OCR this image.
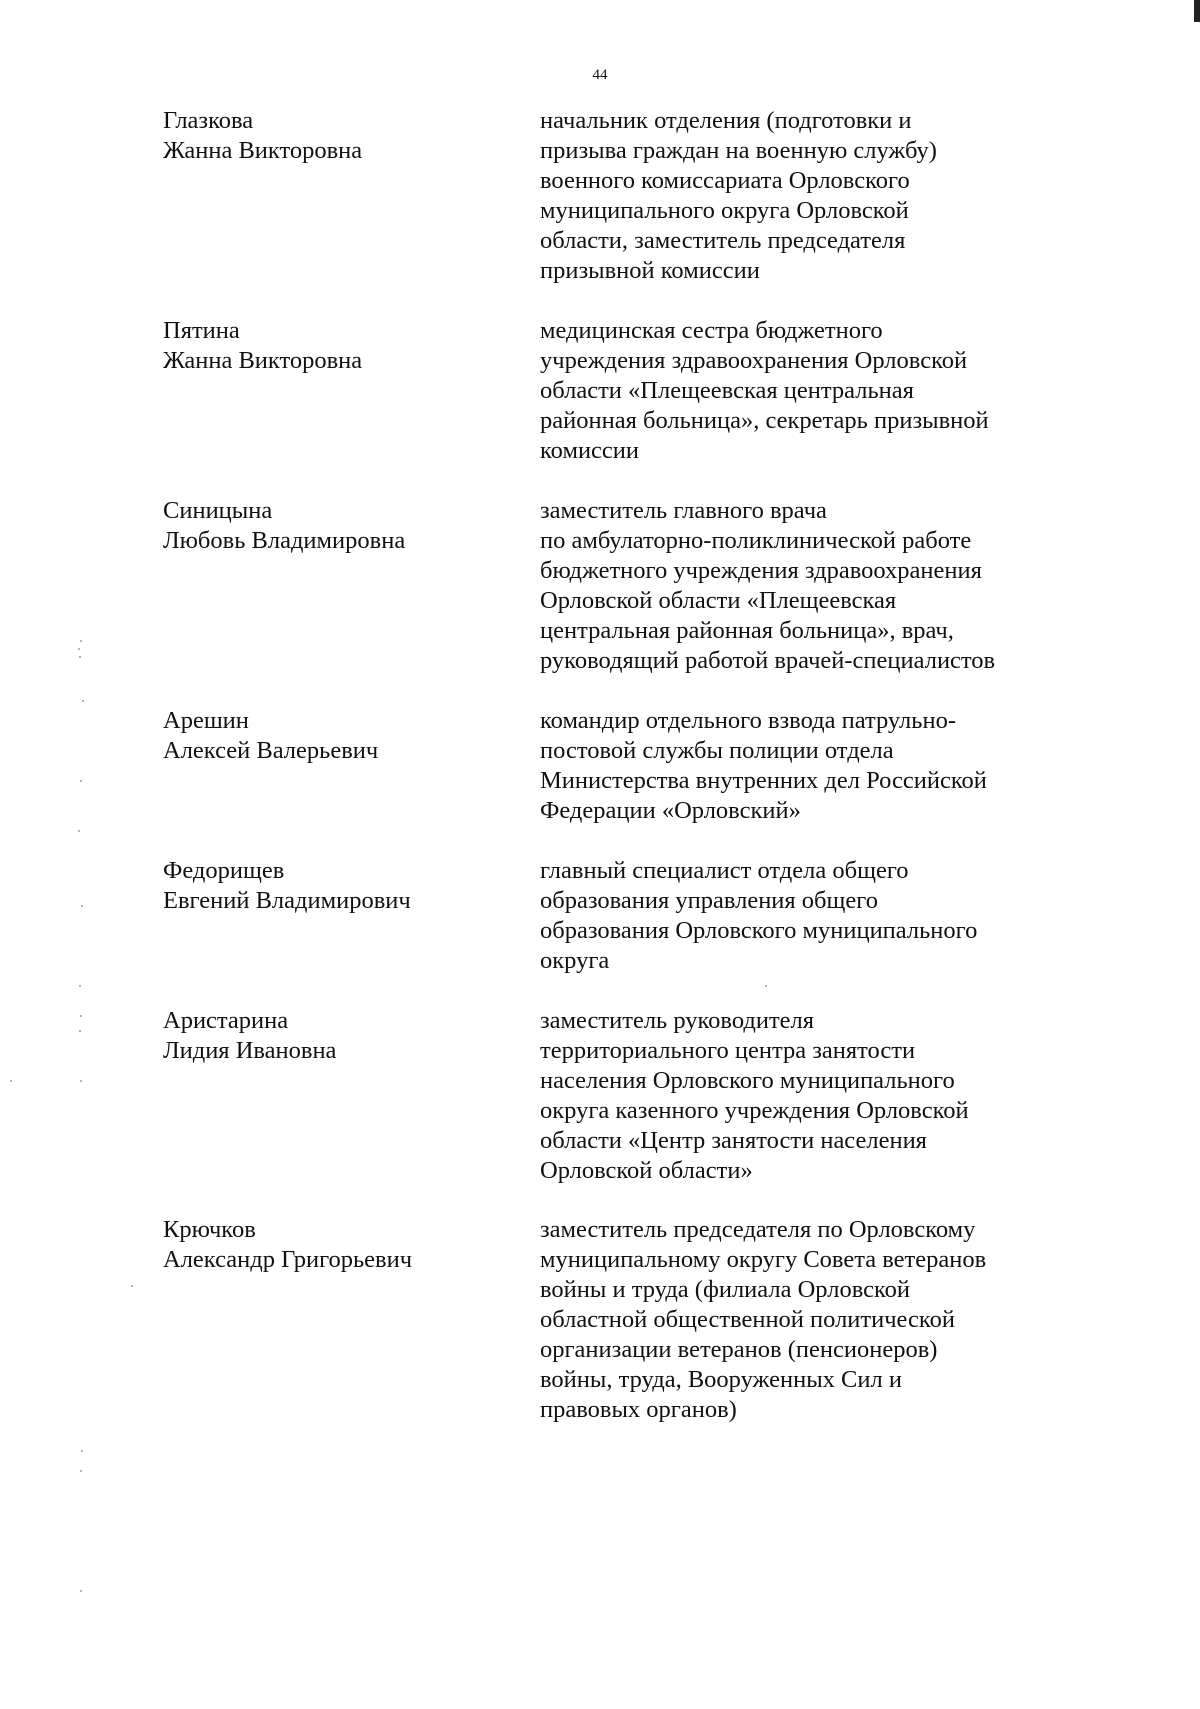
44
Глазкова
Жанна Викторовна
начальник отделения (подготовки и
призыва граждан на военную службу)
военного комиссариата Орловского
муниципального округа Орловской
области, заместитель председателя
призывной комиссии
Пятина
Жанна Викторовна
медицинская сестра бюджетного
учреждения здравоохранения Орловской
области «Плещеевская центральная
районная больница», секретарь призывной
комиссии
Синицына
Любовь Владимировна
заместитель главного врача
по амбулаторно-поликлинической работе
бюджетного учреждения здравоохранения
Орловской области «Плещеевская
центральная районная больница», врач,
руководящий работой врачей-специалистов
Арешин
Алексей Валерьевич
командир отдельного взвода патрульно-
постовой службы полиции отдела
Министерства внутренних дел Российской
Федерации «Орловский»
Федорищев
Евгений Владимирович
главный специалист отдела общего
образования управления общего
образования Орловского муниципального
округа
Аристарина
Лидия Ивановна
заместитель руководителя
территориального центра занятости
населения Орловского муниципального
округа казенного учреждения Орловской
области «Центр занятости населения
Орловской области»
Крючков
Александр Григорьевич
заместитель председателя по Орловскому
муниципальному округу Совета ветеранов
войны и труда (филиала Орловской
областной общественной политической
организации ветеранов (пенсионеров)
войны, труда, Вооруженных Сил и
правовых органов)
